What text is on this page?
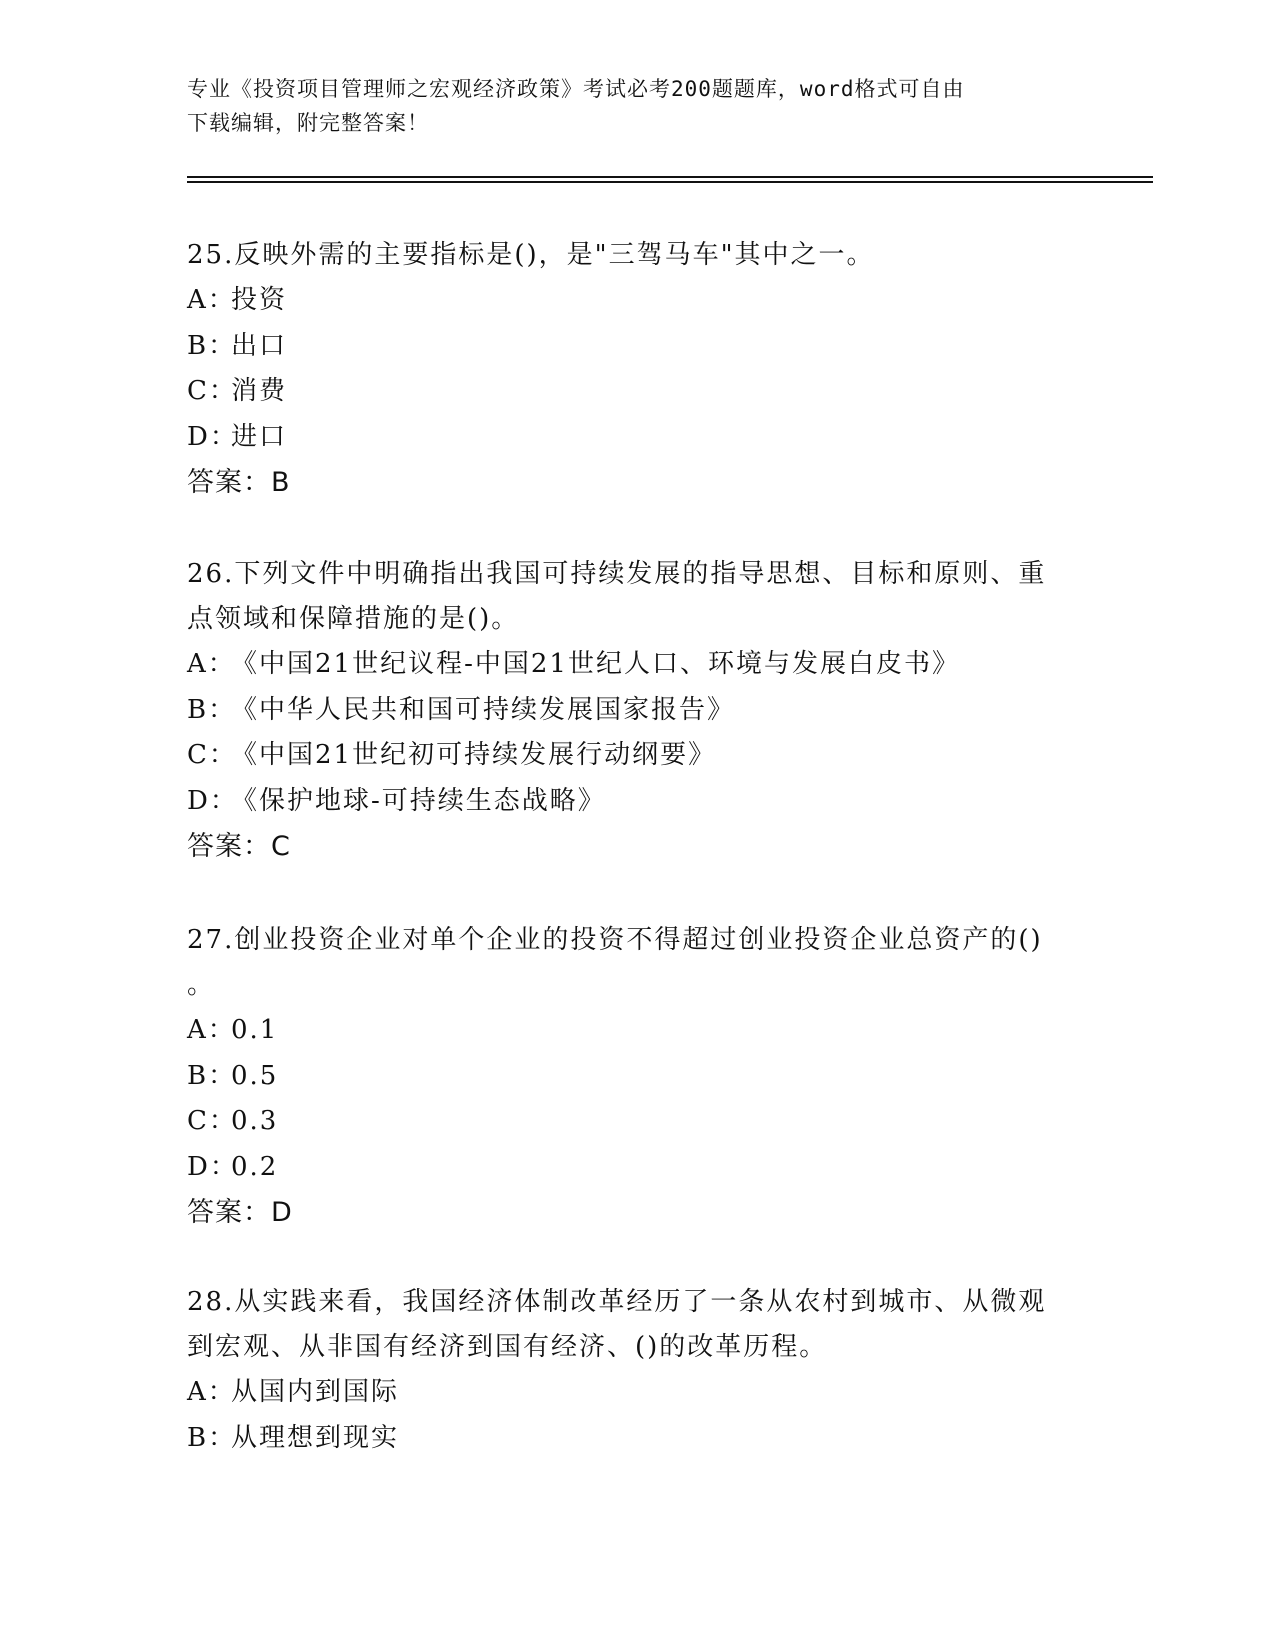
专业《投资项目管理师之宏观经济政策》考试必考200题题库，word格式可自由
下载编辑，附完整答案！

25.反映外需的主要指标是()，是"三驾马车"其中之一。

A：
投资

B：
出口

C：
消费

D：
进口

答案：B

26.下列文件中明确指出我国可持续发展的指导思想、目标和原则、重

点领域和保障措施的是()。

A：
《中国21世纪议程-中国21世纪人口、环境与发展白皮书》

B：
《中华人民共和国可持续发展国家报告》

C：
《中国21世纪初可持续发展行动纲要》

D：
《保护地球-可持续生态战略》

答案：C

27.创业投资企业对单个企业的投资不得超过创业投资企业总资产的()

。

A：
0.1

B：
0.5

C：
0.3

D：
0.2

答案：D

28.从实践来看，我国经济体制改革经历了一条从农村到城市、从微观

到宏观、从非国有经济到国有经济、()的改革历程。

A：
从国内到国际

B：
从理想到现实
